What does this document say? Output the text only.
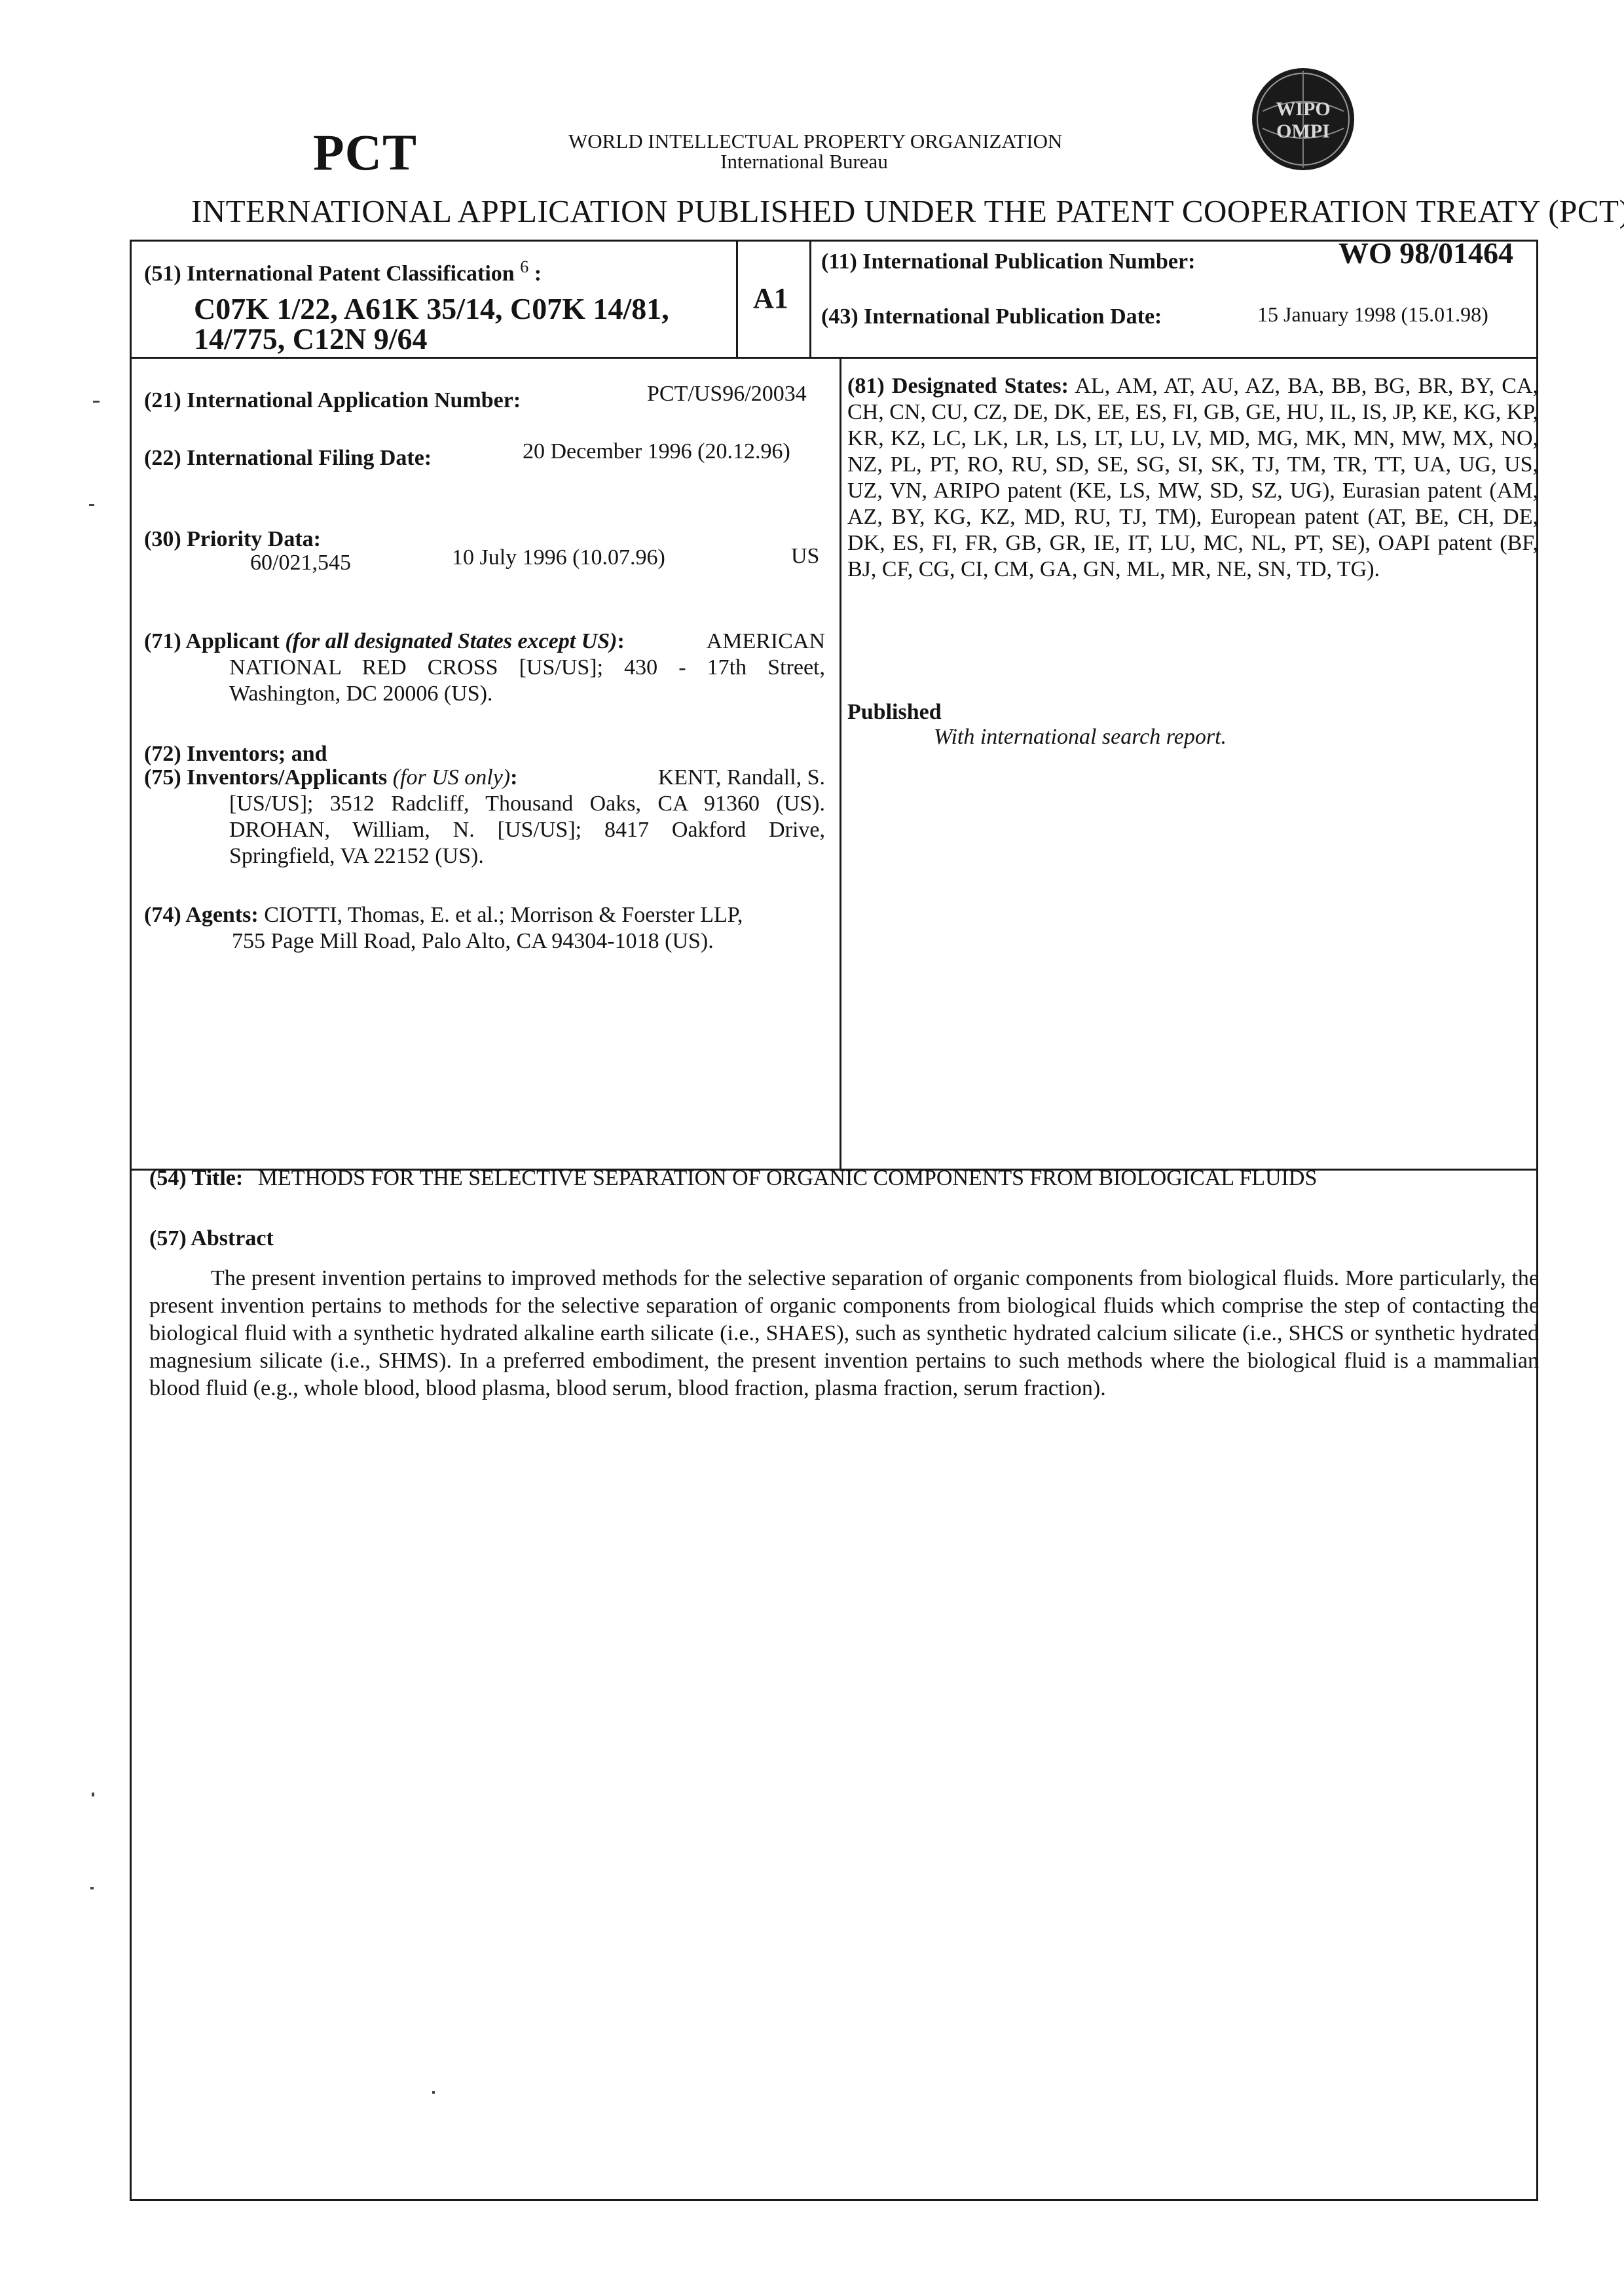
PCT	WORLD INTELLECTUAL PROPERTY ORGANIZATION
International Bureau
WIPO
OMPI
INTERNATIONAL APPLICATION PUBLISHED UNDER THE PATENT COOPERATION TREATY (PCT)
(51) International Patent Classification 6 :
C07K 1/22, A61K 35/14, C07K 14/81,
14/775, C12N 9/64
A1
(11) International Publication Number:	WO 98/01464
(43) International Publication Date:	15 January 1998 (15.01.98)
(21) International Application Number:	PCT/US96/20034
(22) International Filing Date:	20 December 1996 (20.12.96)
(30) Priority Data:
60/021,545	10 July 1996 (10.07.96)	US
(71) Applicant (for all designated States except US):	AMERICAN
NATIONAL RED CROSS [US/US]; 430 - 17th Street,
Washington, DC 20006 (US).
(72) Inventors; and
(75) Inventors/Applicants (for US only):	KENT, Randall, S.
[US/US]; 3512 Radcliff, Thousand Oaks, CA 91360 (US).
DROHAN, William, N. [US/US]; 8417 Oakford Drive,
Springfield, VA 22152 (US).
(74) Agents: CIOTTI, Thomas, E. et al.; Morrison & Foerster LLP,
755 Page Mill Road, Palo Alto, CA 94304-1018 (US).
(81) Designated States: AL, AM, AT, AU, AZ, BA, BB, BG, BR, BY, CA, CH, CN, CU, CZ, DE, DK, EE, ES, FI, GB, GE, HU, IL, IS, JP, KE, KG, KP, KR, KZ, LC, LK, LR, LS, LT, LU, LV, MD, MG, MK, MN, MW, MX, NO, NZ, PL, PT, RO, RU, SD, SE, SG, SI, SK, TJ, TM, TR, TT, UA, UG, US, UZ, VN, ARIPO patent (KE, LS, MW, SD, SZ, UG), Eurasian patent (AM, AZ, BY, KG, KZ, MD, RU, TJ, TM), European patent (AT, BE, CH, DE, DK, ES, FI, FR, GB, GR, IE, IT, LU, MC, NL, PT, SE), OAPI patent (BF, BJ, CF, CG, CI, CM, GA, GN, ML, MR, NE, SN, TD, TG).
Published
With international search report.
(54) Title: METHODS FOR THE SELECTIVE SEPARATION OF ORGANIC COMPONENTS FROM BIOLOGICAL FLUIDS
(57) Abstract
The present invention pertains to improved methods for the selective separation of organic components from biological fluids. More particularly, the present invention pertains to methods for the selective separation of organic components from biological fluids which comprise the step of contacting the biological fluid with a synthetic hydrated alkaline earth silicate (i.e., SHAES), such as synthetic hydrated calcium silicate (i.e., SHCS or synthetic hydrated magnesium silicate (i.e., SHMS). In a preferred embodiment, the present invention pertains to such methods where the biological fluid is a mammalian blood fluid (e.g., whole blood, blood plasma, blood serum, blood fraction, plasma fraction, serum fraction).
